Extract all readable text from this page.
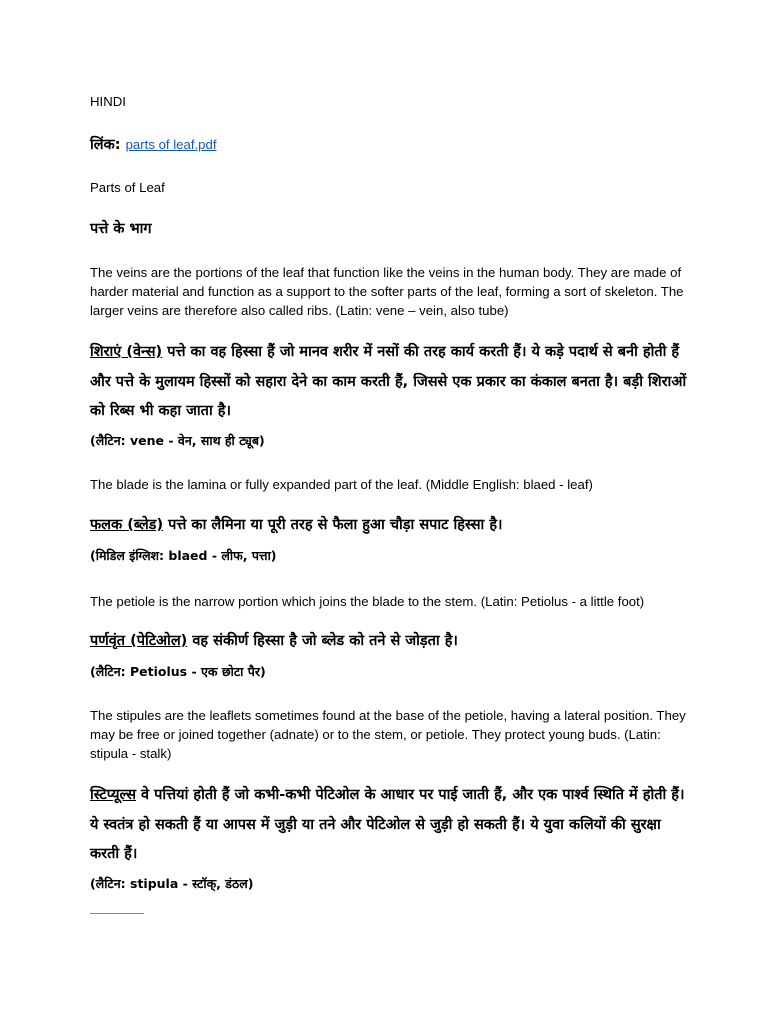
HINDI

लिंक: parts of leaf.pdf

Parts of Leaf

पत्ते के भाग

The veins are the portions of the leaf that function like the veins in the human body. They are made of harder material and function as a support to the softer parts of the leaf, forming a sort of skeleton. The larger veins are therefore also called ribs. (Latin: vene – vein, also tube)

शिराएं (वेन्स) पत्ते का वह हिस्सा हैं जो मानव शरीर में नसों की तरह कार्य करती हैं। ये कड़े पदार्थ से बनी होती हैं और पत्ते के मुलायम हिस्सों को सहारा देने का काम करती हैं, जिससे एक प्रकार का कंकाल बनता है। बड़ी शिराओं को रिब्स भी कहा जाता है।

(लैटिन: vene - वेन, साथ ही ट्यूब)

The blade is the lamina or fully expanded part of the leaf. (Middle English: blaed - leaf)

फलक (ब्लेड) पत्ते का लैमिना या पूरी तरह से फैला हुआ चौड़ा सपाट हिस्सा है।

(मिडिल इंग्लिश: blaed - लीफ, पत्ता)

The petiole is the narrow portion which joins the blade to the stem. (Latin: Petiolus - a little foot)

पर्णवृंत (पेटिओल) वह संकीर्ण हिस्सा है जो ब्लेड को तने से जोड़ता है।

(लैटिन: Petiolus - एक छोटा पैर)

The stipules are the leaflets sometimes found at the base of the petiole, having a lateral position. They may be free or joined together (adnate) or to the stem, or petiole. They protect young buds. (Latin: stipula - stalk)

स्टिप्यूल्स वे पत्तियां होती हैं जो कभी-कभी पेटिओल के आधार पर पाई जाती हैं, और एक पार्श्व स्थिति में होती हैं। ये स्वतंत्र हो सकती हैं या आपस में जुड़ी या तने और पेटिओल से जुड़ी हो सकती हैं। ये युवा कलियों की सुरक्षा करती हैं।

(लैटिन: stipula - स्टॉक्, डंठल)
